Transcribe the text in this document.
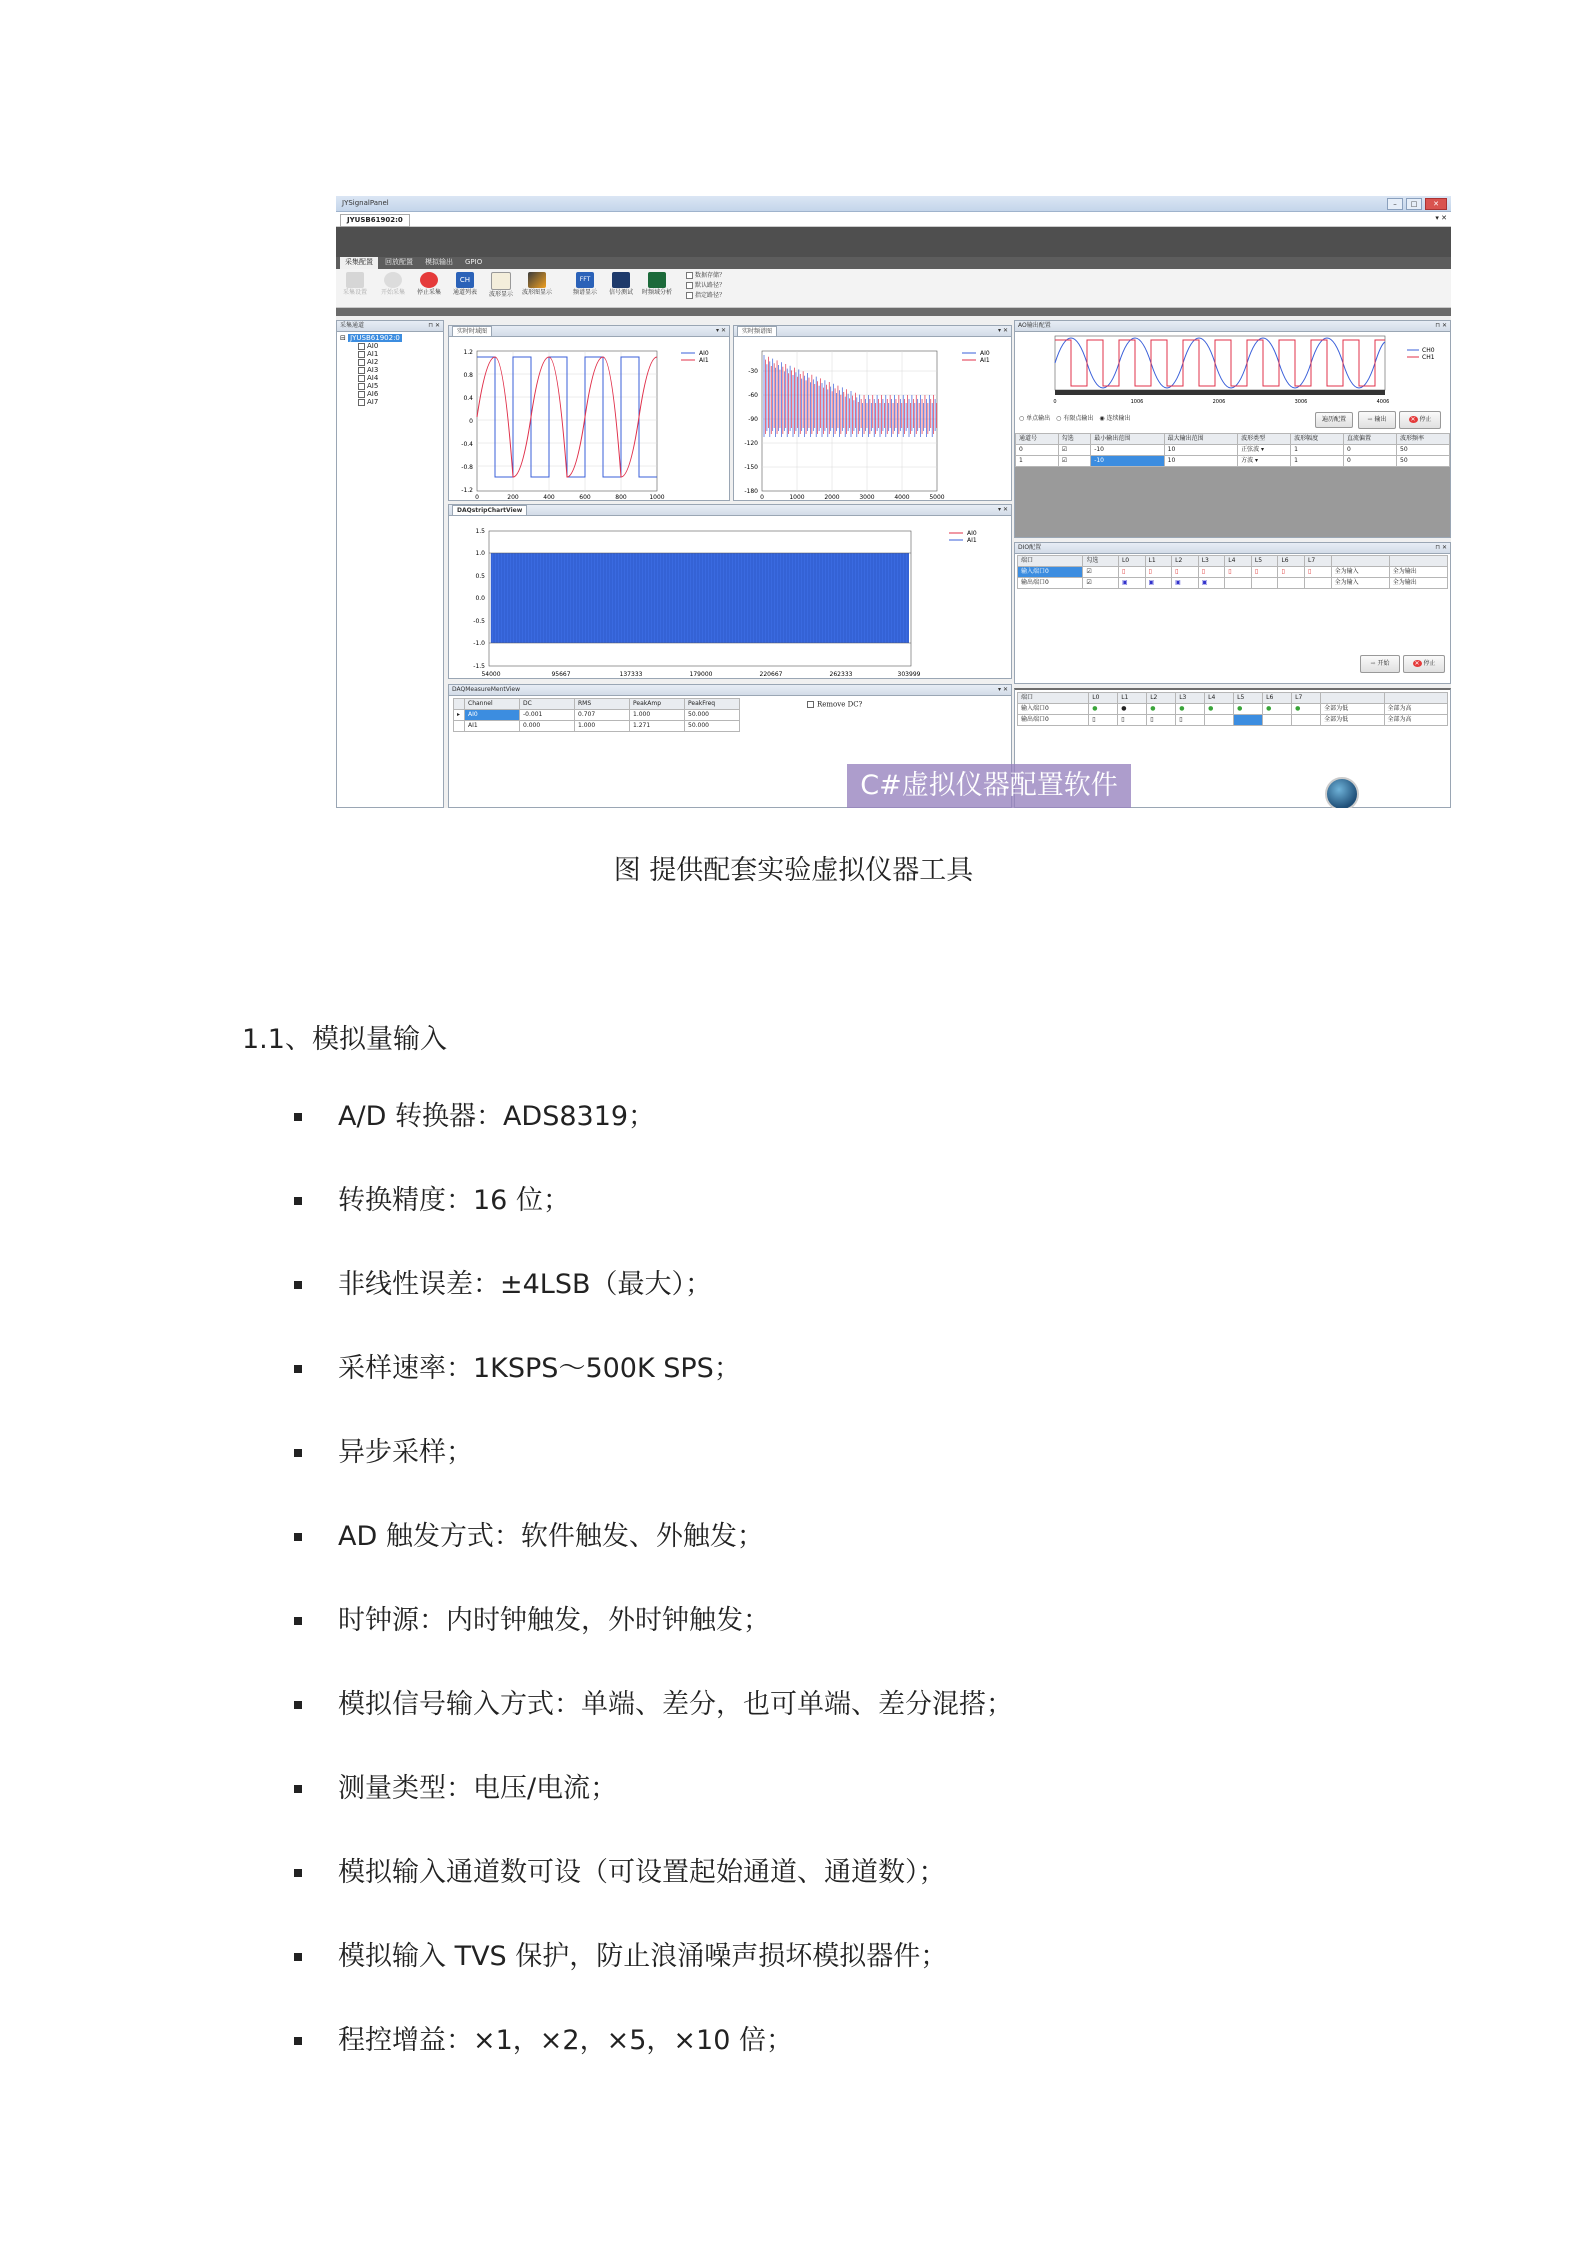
JYSignalPanel	–	□	✕
JYUSB61902:0	▾ ✕
采集配置	回放配置	模拟输出	GPIO
采集设置	开始采集	停止采集
CH
通道列表	波形显示	波形图显示
FFT
频谱显示	信号测试	时频域分析
数据存储？
默认路径？
指定路径？
采集通道	⊓ ✕
⊟ JYUSB61902:0
AI0
AI1
AI2
AI3
AI4
AI5
AI6
AI7
实时时域图	▾ ✕
1.2
0.8
0.4
0
-0.4
-0.8
-1.2
0	200	400	600	800	1000
AI0
AI1
实时频谱图	▾ ✕
-30
-60
-90
-120
-150
-180
0	1000	2000	3000	4000	5000
AI0
AI1
DAQstripChartView	▾ ✕
1.5
1.0
0.5
0.0
-0.5
-1.0
-1.5
54000	95667	137333	179000	220667	262333	303999
AI0
AI1
DAQMeasureMentView	▾ ✕
	Channel	DC	RMS	PeakAmp	PeakFreq
▸	AI0	-0.001	0.707	1.000	50.000
	AI1	0.000	1.000	1.271	50.000
Remove DC?
AO输出配置	⊓ ✕
0	1006	2006	3006	4006
CH0
CH1
○ 单点输出 ○ 有限点输出 ◉ 连续输出	遍历配置	➡ 输出	✕ 停止
通道号	勾选	最小输出范围	最大输出范围	波形类型	波形幅度	直流偏置	波形频率
0	☑	-10	10	正弦波 ▾	1	0	50
1	☑	-10	10	方波 ▾	1	0	50
DIO配置	⊓ ✕
端口	勾选	L0	L1	L2	L3	L4	L5	L6	L7		
输入端口0	☑	▯	▯	▯	▯	▯	▯	▯	▯	全为输入	全为输出
输出端口0	☑	▣	▣	▣	▣					全为输入	全为输出
➡ 开始	✕ 停止
端口	L0	L1	L2	L3	L4	L5	L6	L7		
输入端口0	●	●	●	●	●	●	●	●	全部为低	全部为高
输出端口0	▯	▯	▯	▯					全部为低	全部为高
C#虚拟仪器配置软件
图 提供配套实验虚拟仪器工具
1.1、模拟量输入
A/D 转换器：ADS8319；
转换精度：16 位；
非线性误差：±4LSB（最大）；
采样速率：1KSPS～500K SPS；
异步采样；
AD 触发方式：软件触发、外触发；
时钟源：内时钟触发，外时钟触发；
模拟信号输入方式：单端、差分，也可单端、差分混搭；
测量类型：电压/电流；
模拟输入通道数可设（可设置起始通道、通道数）；
模拟输入 TVS 保护，防止浪涌噪声损坏模拟器件；
程控增益：×1，×2，×5，×10 倍；
